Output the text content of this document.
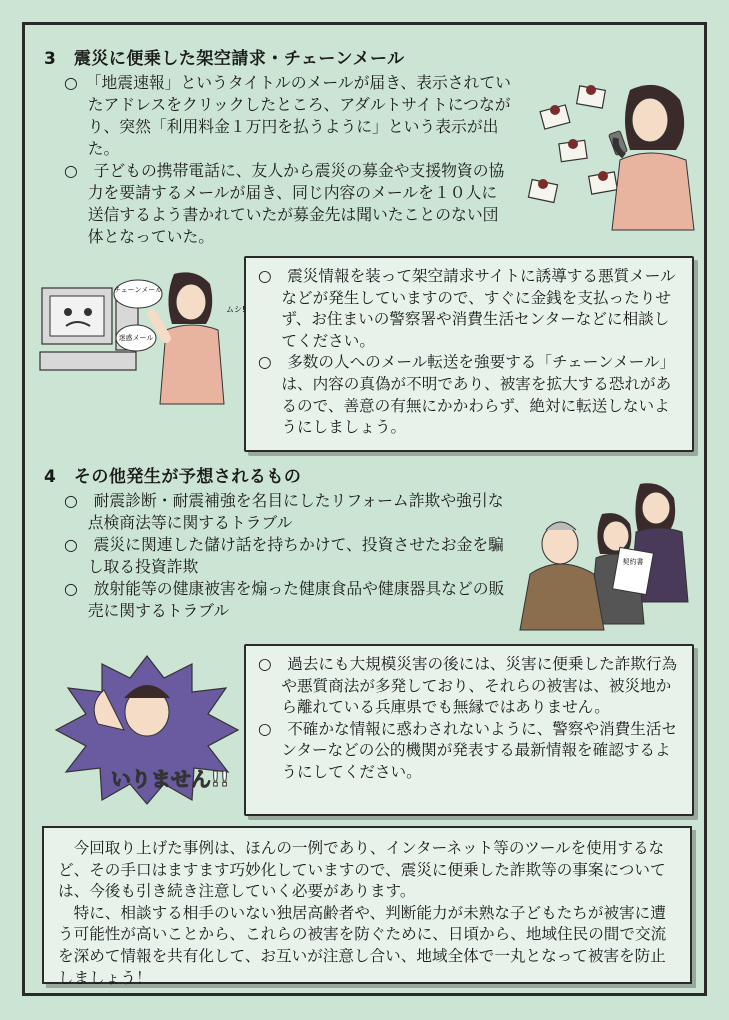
3　震災に便乗した架空請求・チェーンメール
○　「地震速報」というタイトルのメールが届き、表示されていたアドレスをクリックしたところ、アダルトサイトにつながり、突然「利用料金１万円を払うように」という表示が出た。
○　子どもの携帯電話に、友人から震災の募金や支援物資の協力を要請するメールが届き、同じ内容のメールを１０人に送信するよう書かれていたが募金先は聞いたことのない団体となっていた。

○　震災情報を装って架空請求サイトに誘導する悪質メールなどが発生していますので、すぐに金銭を支払ったりせず、お住まいの警察署や消費生活センターなどに相談してください。

○　多数の人へのメール転送を強要する「チェーンメール」は、内容の真偽が不明であり、被害を拡大する恐れがあるので、善意の有無にかかわらず、絶対に転送しないようにしましょう。

チェーンメール
迷惑メール
ムシ!
4　その他発生が予想されるもの
○　耐震診断・耐震補強を名目にしたリフォーム詐欺や強引な点検商法等に関するトラブル
○　震災に関連した儲け話を持ちかけて、投資させたお金を騙し取る投資詐欺
○　放射能等の健康被害を煽った健康食品や健康器具などの販売に関するトラブル
契約書

○　過去にも大規模災害の後には、災害に便乗した詐欺行為や悪質商法が多発しており、それらの被害は、被災地から離れている兵庫県でも無縁ではありません。

○　不確かな情報に惑わされないように、警察や消費生活センターなどの公的機関が発表する最新情報を確認するようにしてください。

いりません!!

今回取り上げた事例は、ほんの一例であり、インターネット等のツールを使用するなど、その手口はますます巧妙化していますので、震災に便乗した詐欺等の事案については、今後も引き続き注意していく必要があります。

特に、相談する相手のいない独居高齢者や、判断能力が未熟な子どもたちが被害に遭う可能性が高いことから、これらの被害を防ぐために、日頃から、地域住民の間で交流を深めて情報を共有化して、お互いが注意し合い、地域全体で一丸となって被害を防止しましょう！
